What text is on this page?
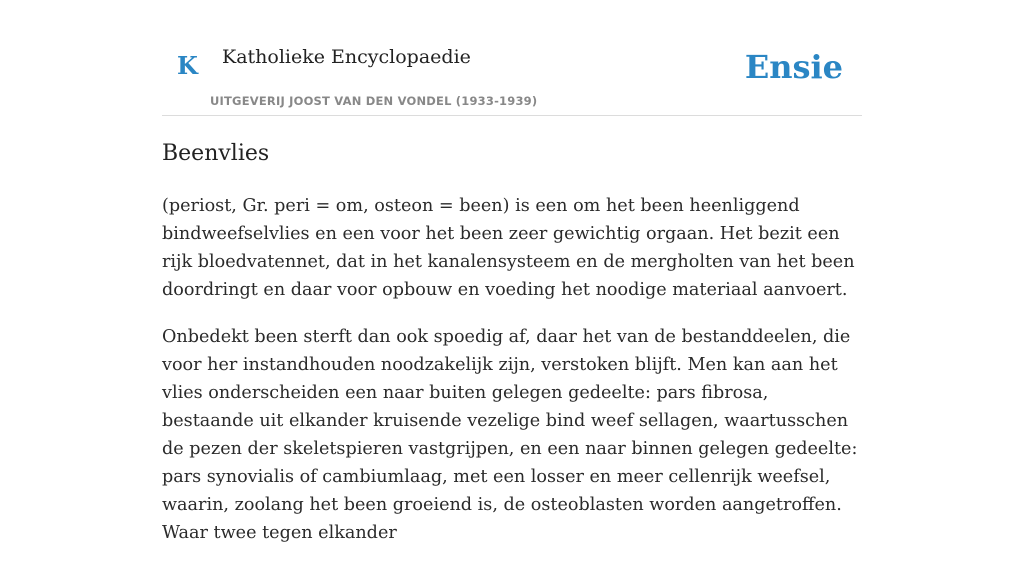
K Katholieke Encyclopaedie
UITGEVERIJ JOOST VAN DEN VONDEL (1933-1939)
Ensie
Beenvlies

(periost, Gr. peri = om, osteon = been) is een om het been heenliggend bindweefselvlies en een voor het been zeer gewichtig orgaan. Het bezit een rijk bloedvatennet, dat in het kanalensysteem en de mergholten van het been doordringt en daar voor opbouw en voeding het noodige materiaal aanvoert.

Onbedekt been sterft dan ook spoedig af, daar het van de bestanddeelen, die voor her instandhouden noodzakelijk zijn, verstoken blijft. Men kan aan het vlies onderscheiden een naar buiten gelegen gedeelte: pars fibrosa, bestaande uit elkander kruisende vezelige bind weef sellagen, waartusschen de pezen der skeletspieren vastgrijpen, en een naar binnen gelegen gedeelte: pars synovialis of cambiumlaag, met een losser en meer cellenrijk weefsel, waarin, zoolang het been groeiend is, de osteoblasten worden aangetroffen. Waar twee tegen elkander
